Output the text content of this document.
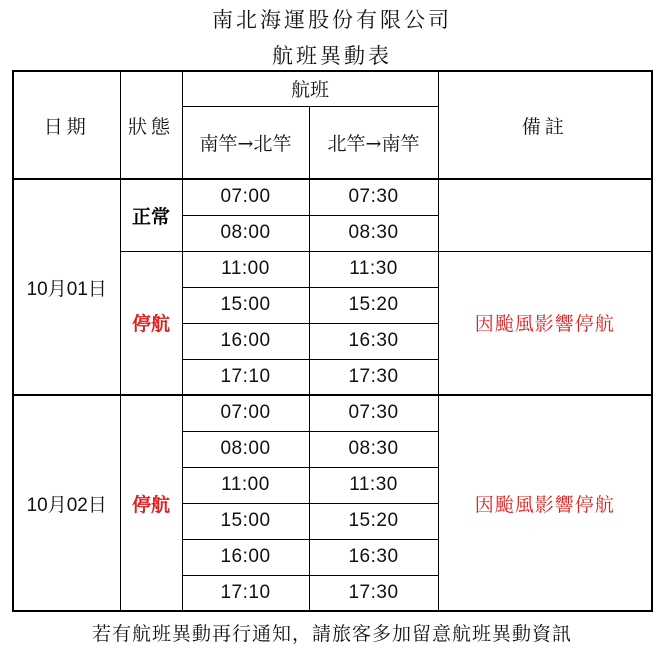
南北海運股份有限公司
航班異動表
日期	狀態	航班		備註
		南竿→北竿	北竿→南竿	
10月01日	正常	07:00	07:30	
		08:00	08:30	
	停航	11:00	11:30	因颱風影響停航
		15:00	15:20	
		16:00	16:30	
		17:10	17:30	
10月02日	停航	07:00	07:30	因颱風影響停航
		08:00	08:30	
		11:00	11:30	
		15:00	15:20	
		16:00	16:30	
		17:10	17:30	
若有航班異動再行通知，請旅客多加留意航班異動資訊
